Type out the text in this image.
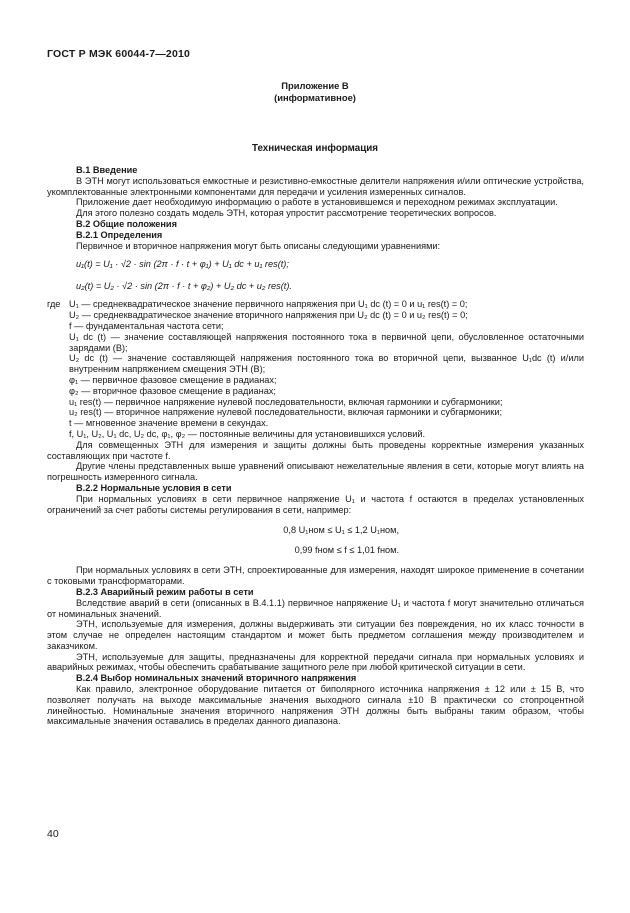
ГОСТ Р МЭК 60044-7—2010
Приложение В
(информативное)
Техническая информация

В.1 Введение

В ЭТН могут использоваться емкостные и резистивно-емкостные делители напряжения и/или оптические устройства, укомплектованные электронными компонентами для передачи и усиления измеренных сигналов.

Приложение дает необходимую информацию о работе в установившемся и переходном режимах эксплуатации.

Для этого полезно создать модель ЭТН, которая упростит рассмотрение теоретических вопросов.

В.2 Общие положения

В.2.1 Определения

Первичное и вторичное напряжения могут быть описаны следующими уравнениями:

u₁(t) = U₁ · √2 · sin (2π · f · t + φ₁) + U₁ dc + u₁ res(t);
u₂(t) = U₂ · √2 · sin (2π · f · t + φ₂) + U₂ dc + u₂ res(t).
где U₁ — среднеквадратическое значение первичного напряжения при U₁ dc (t) = 0 и u₁ res(t) = 0;

U₂ — среднеквадратическое значение вторичного напряжения при U₂ dc (t) = 0 и u₂ res(t) = 0;

f — фундаментальная частота сети;

U₁ dc (t) — значение составляющей напряжения постоянного тока в первичной цепи, обусловленное остаточными зарядами (В);

U₂ dc (t) — значение составляющей напряжения постоянного тока во вторичной цепи, вызванное U₁dc (t) и/или внутренним напряжением смещения ЭТН (В);

φ₁ — первичное фазовое смещение в радианах;

φ₂ — вторичное фазовое смещение в радианах;

u₁ res(t) — первичное напряжение нулевой последовательности, включая гармоники и субгармоники;

u₂ res(t) — вторичное напряжение нулевой последовательности, включая гармоники и субгармоники;

t — мгновенное значение времени в секундах.

f, U₁, U₂, U₁ dc, U₂ dc, φ₁, φ₂ — постоянные величины для установившихся условий.

Для совмещенных ЭТН для измерения и защиты должны быть проведены корректные измерения указанных составляющих при частоте f.

Другие члены представленных выше уравнений описывают нежелательные явления в сети, которые могут влиять на погрешность измеренного сигнала.

В.2.2 Нормальные условия в сети

При нормальных условиях в сети первичное напряжение U₁ и частота f остаются в пределах установленных ограничений за счет работы системы регулирования в сети, например:

0,8 U₁ном ≤ U₁ ≤ 1,2 U₁ном,
0,99 fном ≤ f ≤ 1,01 fном.

При нормальных условиях в сети ЭТН, спроектированные для измерения, находят широкое применение в сочетании с токовыми трансформаторами.

В.2.3 Аварийный режим работы в сети

Вследствие аварий в сети (описанных в В.4.1.1) первичное напряжение U₁ и частота f могут значительно отличаться от номинальных значений.

ЭТН, используемые для измерения, должны выдерживать эти ситуации без повреждения, но их класс точности в этом случае не определен настоящим стандартом и может быть предметом соглашения между производителем и заказчиком.

ЭТН, используемые для защиты, предназначены для корректной передачи сигнала при нормальных условиях и аварийных режимах, чтобы обеспечить срабатывание защитного реле при любой критической ситуации в сети.

В.2.4 Выбор номинальных значений вторичного напряжения

Как правило, электронное оборудование питается от биполярного источника напряжения ± 12 или ± 15 В, что позволяет получать на выходе максимальные значения выходного сигнала ±10 В практически со стопроцентной линейностью. Номинальные значения вторичного напряжения ЭТН должны быть выбраны таким образом, чтобы максимальные значения оставались в пределах данного диапазона.

40
